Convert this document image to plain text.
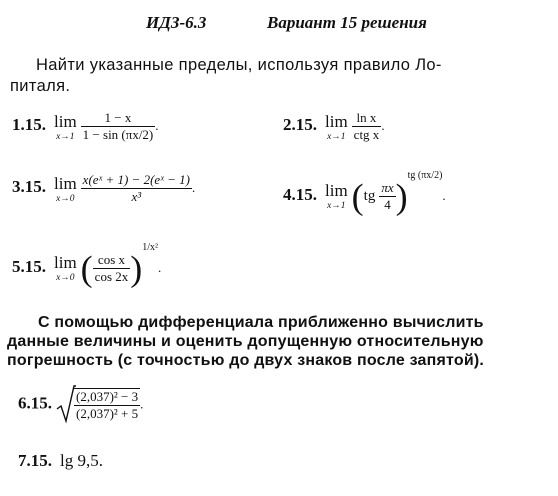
ИДЗ-6.3	Вариант 15 решения
Найти указанные пределы, используя правило Ло-
питаля.
1.15. lim
x→1
$\frac{1 - x}{1 - \sin (\pi x/2)}$ .	2.15. lim
x→1
$\frac{\text{ln x}}{\text{ctg x}}$ .
3.15. lim
x→0
$\frac{\text{x(eˣ + 1) − 2(eˣ − 1)}}{\text{x³}}$ .	4.15. lim
x→1 $(tg \frac{\pi x}{4} )^{tg (\pi x/2)}$.
5.15. lim
x→0 ( $\frac{\text{cos x}}{\cos 2x} )^{1/x^2}$.
С помощью дифференциала приближенно вычислить
данные величины и оценить допущенную относительную
погрешность (с точностью до двух знаков после запятой).
6.15. $\frac{\text{(2,037)² − 3}}{\text{(2,037)² + 5}}$ .
7.15. lg 9,5.
